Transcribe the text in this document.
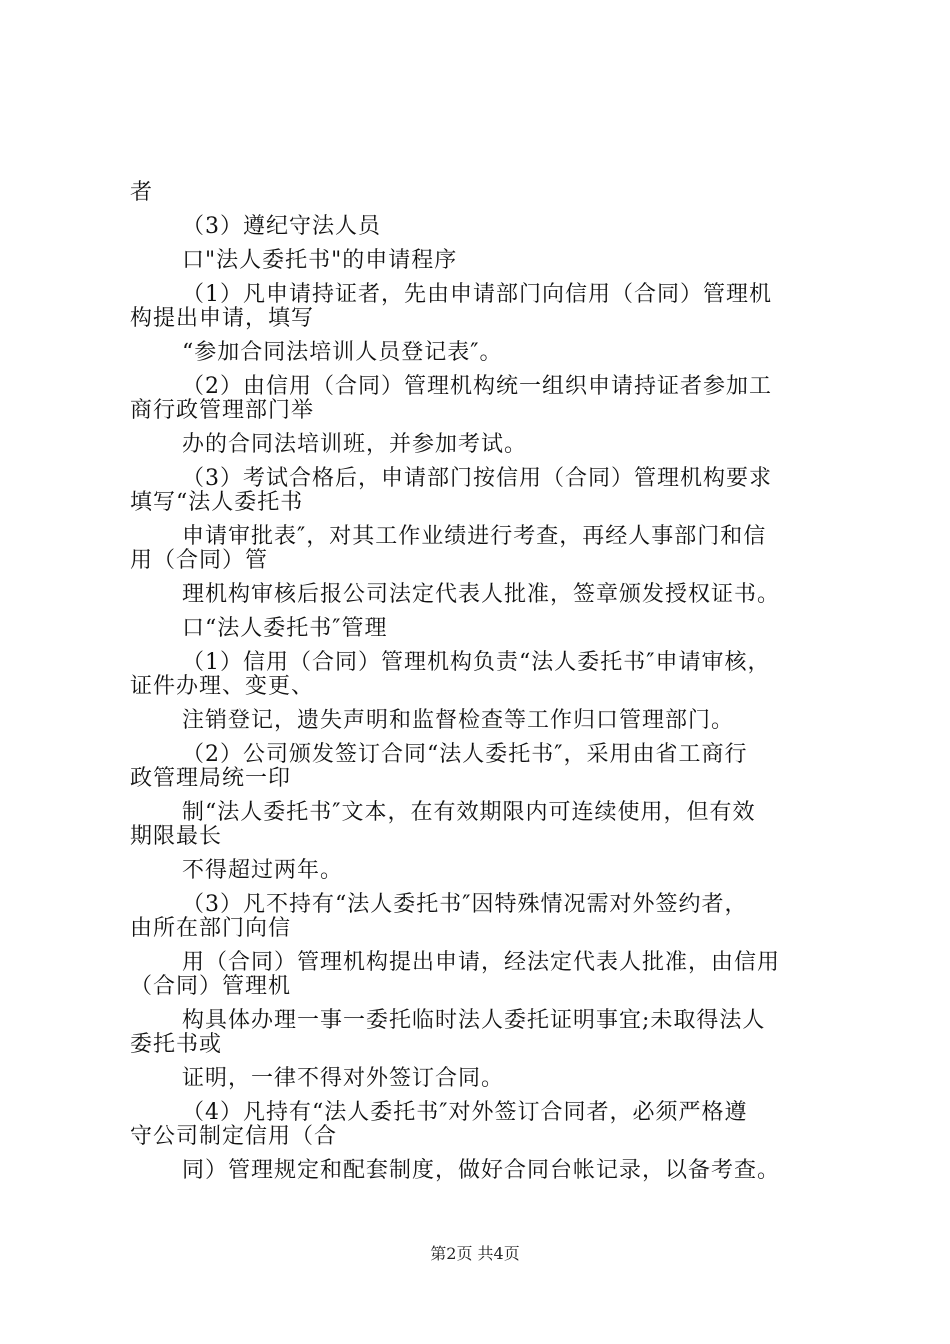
者
（3）遵纪守法人员
口"法人委托书"的申请程序
（1）凡申请持证者，先由申请部门向信用（合同）管理机
构提出申请，填写
“参加合同法培训人员登记表″。
（2）由信用（合同）管理机构统一组织申请持证者参加工
商行政管理部门举
办的合同法培训班，并参加考试。
（3）考试合格后，申请部门按信用（合同）管理机构要求
填写“法人委托书
申请审批表″，对其工作业绩进行考查，再经人事部门和信
用（合同）管
理机构审核后报公司法定代表人批准，签章颁发授权证书。
口“法人委托书″管理
（1）信用（合同）管理机构负责“法人委托书″申请审核，
证件办理、变更、
注销登记，遗失声明和监督检查等工作归口管理部门。
（2）公司颁发签订合同“法人委托书″，采用由省工商行
政管理局统一印
制“法人委托书″文本，在有效期限内可连续使用，但有效
期限最长
不得超过两年。
（3）凡不持有“法人委托书″因特殊情况需对外签约者，
由所在部门向信
用（合同）管理机构提出申请，经法定代表人批准，由信用
（合同）管理机
构具体办理一事一委托临时法人委托证明事宜;未取得法人
委托书或
证明，一律不得对外签订合同。
（4）凡持有“法人委托书″对外签订合同者，必须严格遵
守公司制定信用（合
同）管理规定和配套制度，做好合同台帐记录，以备考查。
第2页 共4页
